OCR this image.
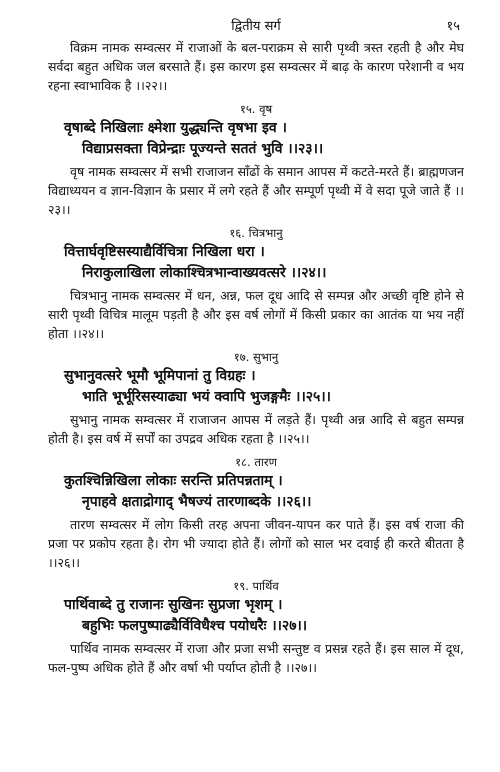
द्वितीय सर्ग	१५

विक्रम नामक सम्वत्सर में राजाओं के बल-पराक्रम से सारी पृथ्वी त्रस्त रहती है और मेघ सर्वदा बहुत अधिक जल बरसाते हैं। इस कारण इस सम्वत्सर में बाढ़ के कारण परेशानी व भय रहना स्वाभाविक है ।।२२।।

१५. वृष
वृषाब्दे निखिलाः क्ष्मेशा युद्ध्यन्ति वृषभा इव ।
विद्याप्रसक्ता विप्रेन्द्राः पूज्यन्ते सततं भुवि ।।२३।।

वृष नामक सम्वत्सर में सभी राजाजन साँढों के समान आपस में कटते-मरते हैं। ब्राह्मणजन विद्याध्ययन व ज्ञान-विज्ञान के प्रसार में लगे रहते हैं और सम्पूर्ण पृथ्वी में वे सदा पूजे जाते हैं ।।२३।।

१६. चित्रभानु
वित्तार्घवृष्टिसस्याद्यैर्विचित्रा निखिला धरा ।
निराकुलाखिला लोकाश्चित्रभान्वाख्यवत्सरे ।।२४।।

चित्रभानु नामक सम्वत्सर में धन, अन्न, फल दूध आदि से सम्पन्न और अच्छी वृष्टि होने से सारी पृथ्वी विचित्र मालूम पड़ती है और इस वर्ष लोगों में किसी प्रकार का आतंक या भय नहीं होता ।।२४।।

१७. सुभानु
सुभानुवत्सरे भूमौ भूमिपानां तु विग्रहः ।
भाति भूर्भूरिसस्याढ्या भयं क्वापि भुजङ्गमैः ।।२५।।

सुभानु नामक सम्वत्सर में राजाजन आपस में लड़ते हैं। पृथ्वी अन्न आदि से बहुत सम्पन्न होती है। इस वर्ष में सर्पों का उपद्रव अधिक रहता है ।।२५।।

१८. तारण
कुतश्चिन्निखिला लोकाः सरन्ति प्रतिपन्नताम् ।
नृपाहवे क्षताद्रोगाद् भैषज्यं तारणाब्दके ।।२६।।

तारण सम्वत्सर में लोग किसी तरह अपना जीवन-यापन कर पाते हैं। इस वर्ष राजा की प्रजा पर प्रकोप रहता है। रोग भी ज्यादा होते हैं। लोगों को साल भर दवाई ही करते बीतता है ।।२६।।

१९. पार्थिव
पार्थिवाब्दे तु राजानः सुखिनः सुप्रजा भृशम् ।
बहुभिः फलपुष्पाढ्यैर्विविधैश्च पयोधरैः ।।२७।।

पार्थिव नामक सम्वत्सर में राजा और प्रजा सभी सन्तुष्ट व प्रसन्न रहते हैं। इस साल में दूध, फल-पुष्प अधिक होते हैं और वर्षा भी पर्याप्त होती है ।।२७।।
